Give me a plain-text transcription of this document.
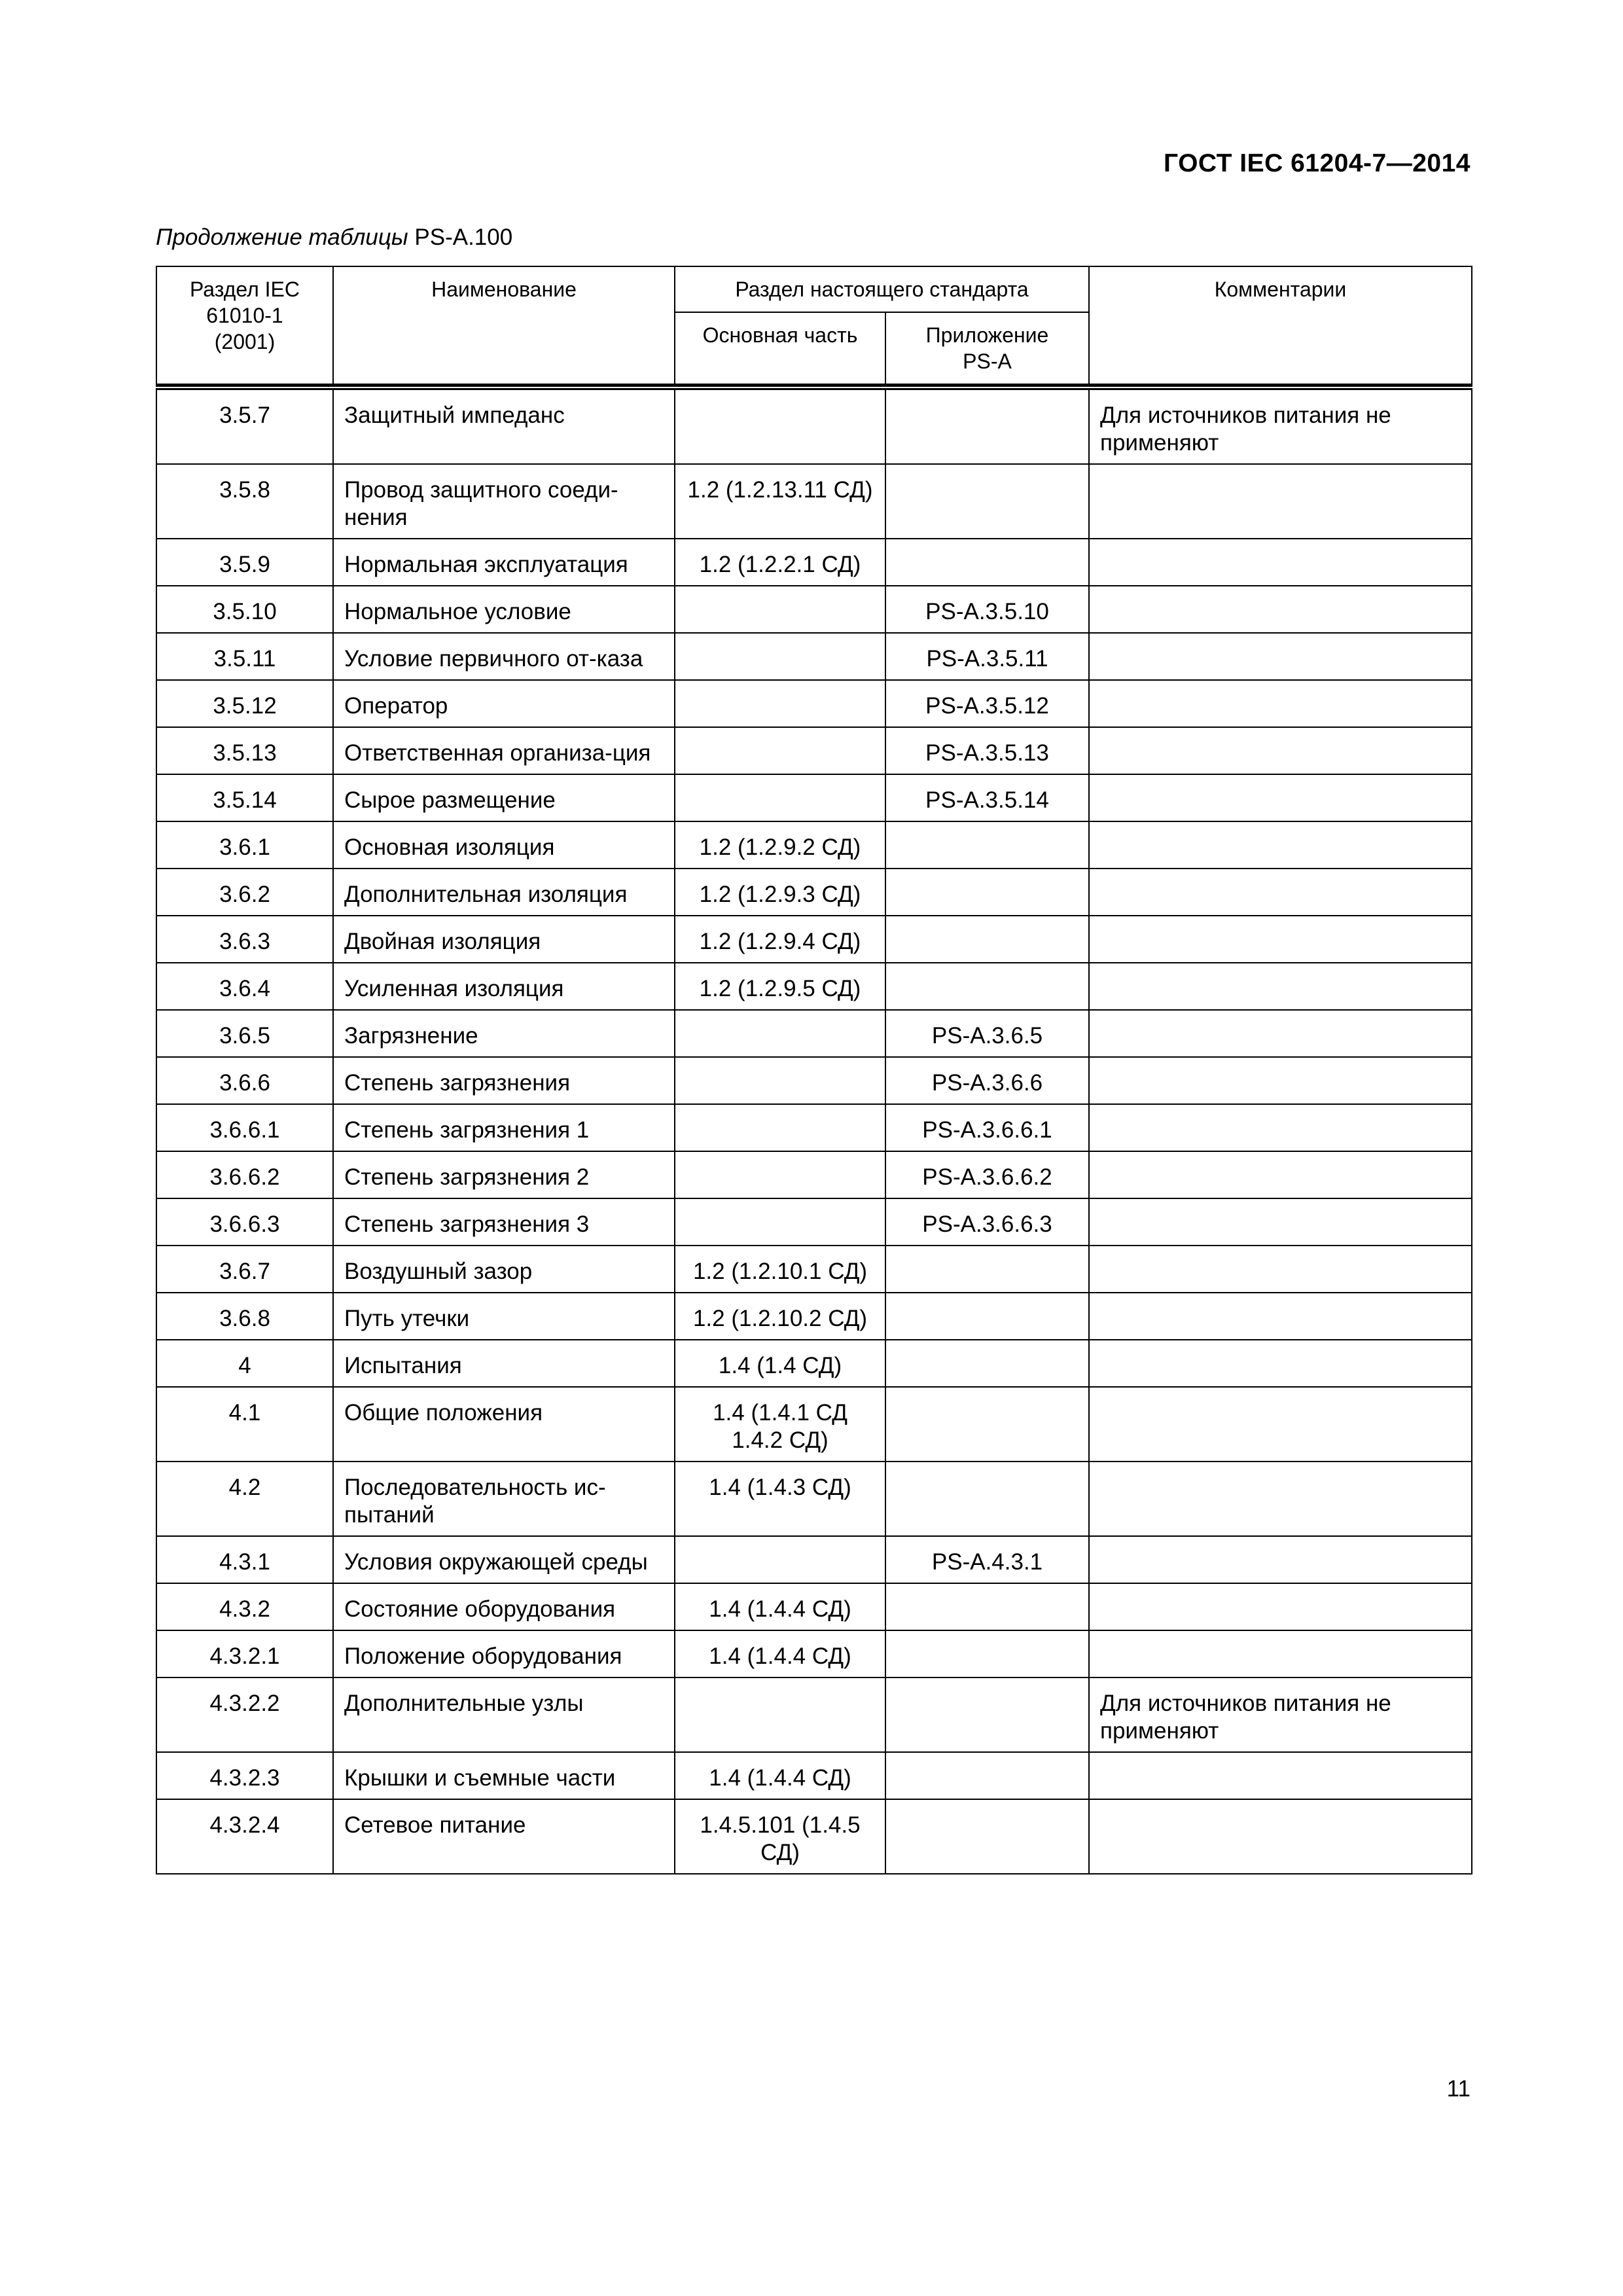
ГОСТ IEC 61204-7—2014
Продолжение таблицы PS-A.100
Раздел IEC 61010-1 (2001)	Наименование	Раздел настоящего стандарта		Комментарии
		Основная часть	Приложение PS-A	

3.5.7	Защитный импеданс			Для источников питания не применяют
3.5.8	Провод защитного соеди-нения	1.2 (1.2.13.11 СД)		
3.5.9	Нормальная эксплуатация	1.2 (1.2.2.1 СД)		
3.5.10	Нормальное условие		PS-A.3.5.10	
3.5.11	Условие первичного от-каза		PS-A.3.5.11	
3.5.12	Оператор		PS-A.3.5.12	
3.5.13	Ответственная организа-ция		PS-A.3.5.13	
3.5.14	Сырое размещение		PS-A.3.5.14	
3.6.1	Основная изоляция	1.2 (1.2.9.2 СД)		
3.6.2	Дополнительная изоляция	1.2 (1.2.9.3 СД)		
3.6.3	Двойная изоляция	1.2 (1.2.9.4 СД)		
3.6.4	Усиленная изоляция	1.2 (1.2.9.5 СД)		
3.6.5	Загрязнение		PS-A.3.6.5	
3.6.6	Степень загрязнения		PS-A.3.6.6	
3.6.6.1	Степень загрязнения 1		PS-A.3.6.6.1	
3.6.6.2	Степень загрязнения 2		PS-A.3.6.6.2	
3.6.6.3	Степень загрязнения 3		PS-A.3.6.6.3	
3.6.7	Воздушный зазор	1.2 (1.2.10.1 СД)		
3.6.8	Путь утечки	1.2 (1.2.10.2 СД)		
4	Испытания	1.4 (1.4 СД)		
4.1	Общие положения	1.4 (1.4.1 СД 1.4.2 СД)		
4.2	Последовательность ис-пытаний	1.4 (1.4.3 СД)		
4.3.1	Условия окружающей среды		PS-A.4.3.1	
4.3.2	Состояние оборудования	1.4 (1.4.4 СД)		
4.3.2.1	Положение оборудования	1.4 (1.4.4 СД)		
4.3.2.2	Дополнительные узлы			Для источников питания не применяют
4.3.2.3	Крышки и съемные части	1.4 (1.4.4 СД)		
4.3.2.4	Сетевое питание	1.4.5.101 (1.4.5 СД)		
11
